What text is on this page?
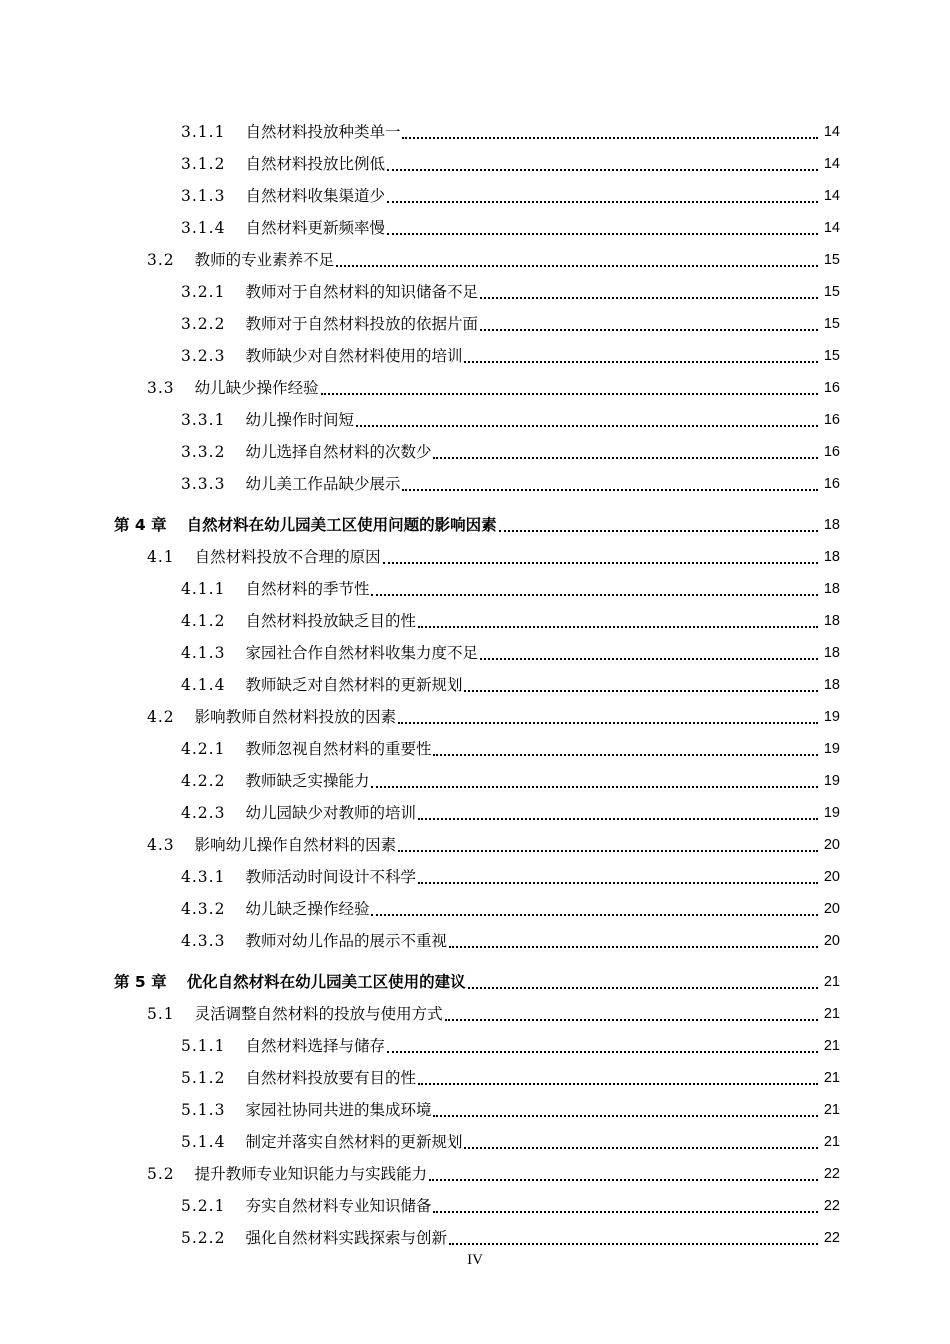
3.1.1 自然材料投放种类单一	14
3.1.2 自然材料投放比例低	14
3.1.3 自然材料收集渠道少	14
3.1.4 自然材料更新频率慢	14
3.2 教师的专业素养不足	15
3.2.1 教师对于自然材料的知识储备不足	15
3.2.2 教师对于自然材料投放的依据片面	15
3.2.3 教师缺少对自然材料使用的培训	15
3.3 幼儿缺少操作经验	16
3.3.1 幼儿操作时间短	16
3.3.2 幼儿选择自然材料的次数少	16
3.3.3 幼儿美工作品缺少展示	16
第 4 章 自然材料在幼儿园美工区使用问题的影响因素	18
4.1 自然材料投放不合理的原因	18
4.1.1 自然材料的季节性	18
4.1.2 自然材料投放缺乏目的性	18
4.1.3 家园社合作自然材料收集力度不足	18
4.1.4 教师缺乏对自然材料的更新规划	18
4.2 影响教师自然材料投放的因素	19
4.2.1 教师忽视自然材料的重要性	19
4.2.2 教师缺乏实操能力	19
4.2.3 幼儿园缺少对教师的培训	19
4.3 影响幼儿操作自然材料的因素	20
4.3.1 教师活动时间设计不科学	20
4.3.2 幼儿缺乏操作经验	20
4.3.3 教师对幼儿作品的展示不重视	20
第 5 章 优化自然材料在幼儿园美工区使用的建议	21
5.1 灵活调整自然材料的投放与使用方式	21
5.1.1 自然材料选择与储存	21
5.1.2 自然材料投放要有目的性	21
5.1.3 家园社协同共进的集成环境	21
5.1.4 制定并落实自然材料的更新规划	21
5.2 提升教师专业知识能力与实践能力	22
5.2.1 夯实自然材料专业知识储备	22
5.2.2 强化自然材料实践探索与创新	22
IV
